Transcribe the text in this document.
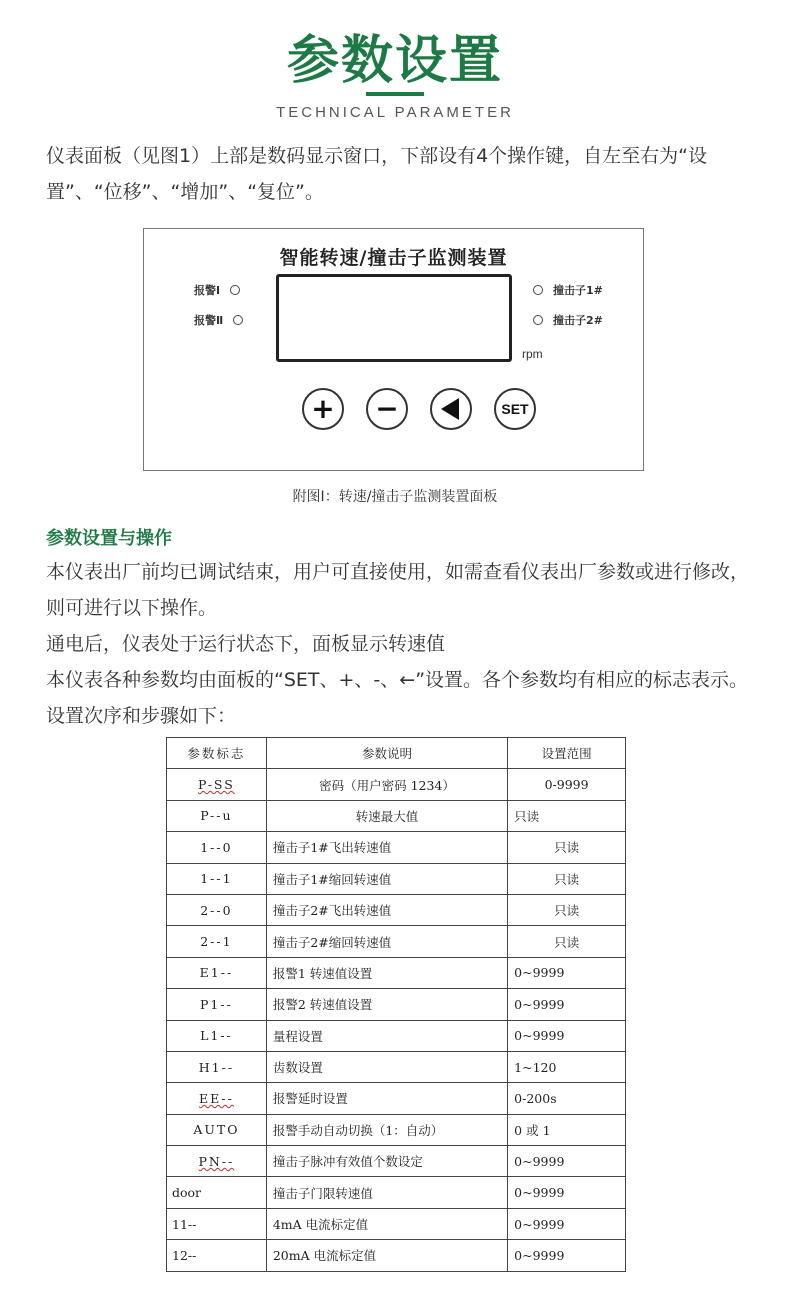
参数设置
TECHNICAL PARAMETER
仪表面板（见图1）上部是数码显示窗口，下部设有4个操作键，自左至右为“设置”、“位移”、“增加”、“复位”。
智能转速/撞击子监测装置
报警Ⅰ
报警Ⅱ
撞击子1#
撞击子2#
rpm
+ −	SET
附图I：转速/撞击子监测装置面板
参数设置与操作
本仪表出厂前均已调试结束，用户可直接使用，如需查看仪表出厂参数或进行修改，则可进行以下操作。
通电后，仪表处于运行状态下，面板显示转速值
本仪表各种参数均由面板的“SET、+、-、←”设置。各个参数均有相应的标志表示。设置次序和步骤如下：
参数标志	参数说明	设置范围
P-SS	密码（用户密码 1234）	0-9999
P--u	转速最大值	只读
1--0	撞击子1#飞出转速值	只读
1--1	撞击子1#缩回转速值	只读
2--0	撞击子2#飞出转速值	只读
2--1	撞击子2#缩回转速值	只读
E1--	报警1 转速值设置	0~9999
P1--	报警2 转速值设置	0~9999
L1--	量程设置	0~9999
H1--	齿数设置	1~120
EE--	报警延时设置	0-200s
AUTO	报警手动自动切换（1：自动）	0 或 1
PN--	撞击子脉冲有效值个数设定	0~9999
door	撞击子门限转速值	0~9999
11--	4mA 电流标定值	0~9999
12--	20mA 电流标定值	0~9999
